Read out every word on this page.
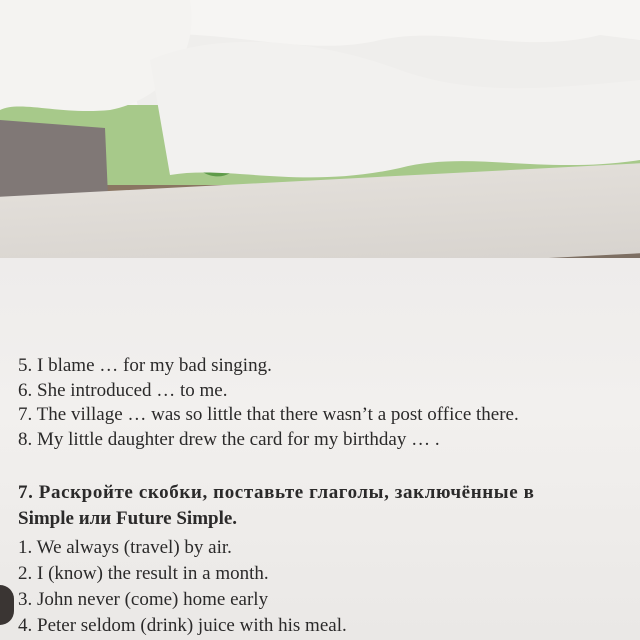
5. I blame … for my bad singing.
6. She introduced … to me.
7. The village … was so little that there wasn’t a post office there.
8. My little daughter drew the card for my birthday … .
7. Раскройте скобки, поставьте глаголы, заключённые в
Simple или Future Simple.
1. We always (travel) by air.
2. I (know) the result in a month.
3. John never (come) home early
4. Peter seldom (drink) juice with his meal.
